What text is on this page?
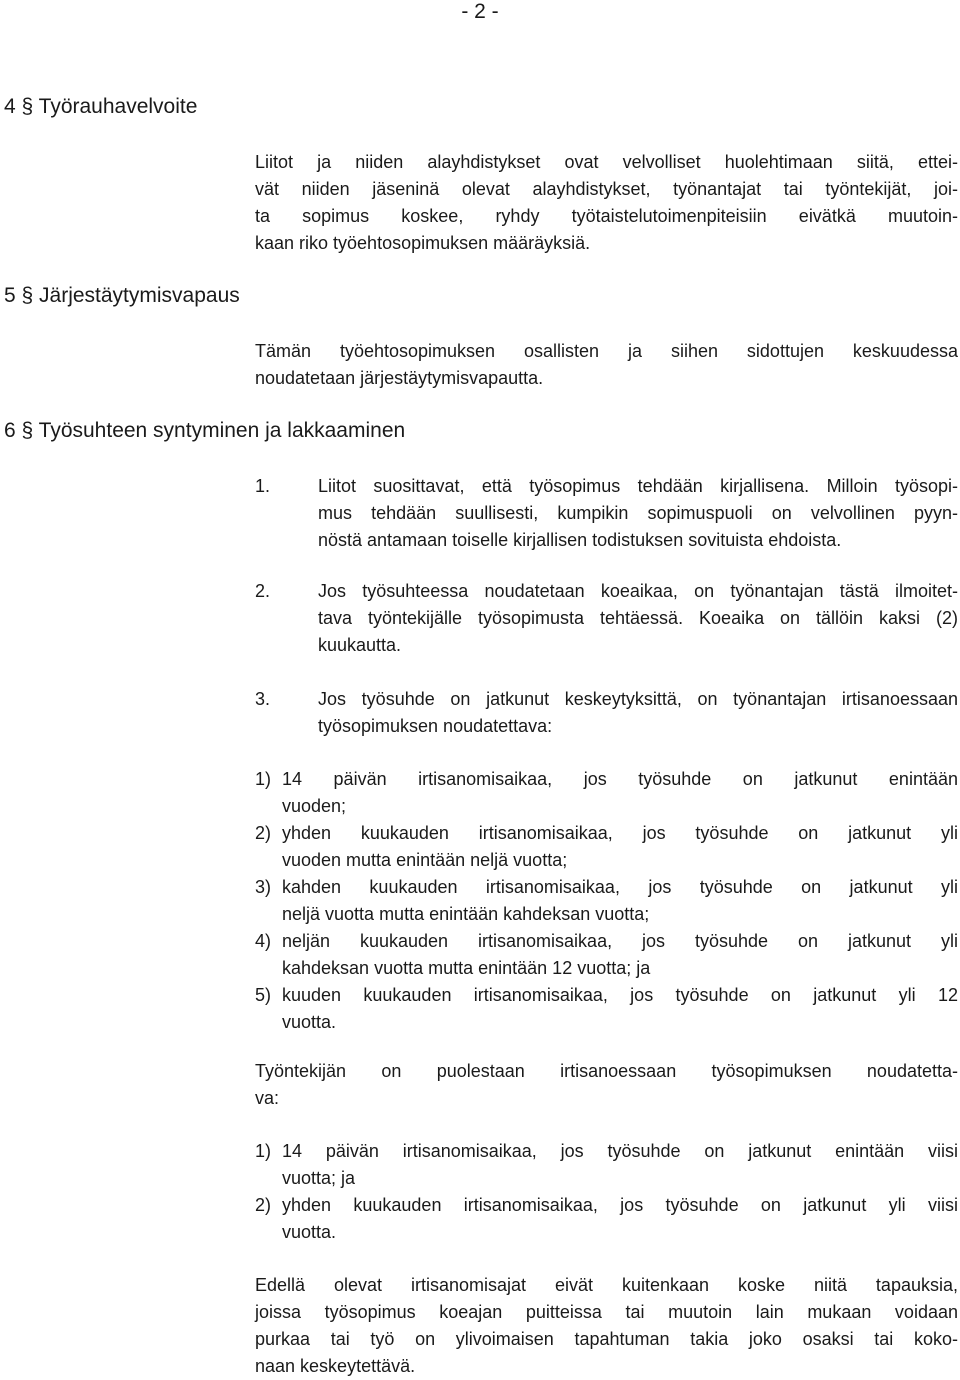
- 2 -
4 § Työrauhavelvoite
Liitot ja niiden alayhdistykset ovat velvolliset huolehtimaan siitä, ettei-
vät niiden jäseninä olevat alayhdistykset, työnantajat tai työntekijät, joi-
ta sopimus koskee, ryhdy työtaistelutoimenpiteisiin eivätkä muutoin-
kaan riko työehtosopimuksen määräyksiä.
5 § Järjestäytymisvapaus
Tämän työehtosopimuksen osallisten ja siihen sidottujen keskuudessa
noudatetaan järjestäytymisvapautta.
6 § Työsuhteen syntyminen ja lakkaaminen
1.	Liitot suosittavat, että työsopimus tehdään kirjallisena. Milloin työsopi-
mus tehdään suullisesti, kumpikin sopimuspuoli on velvollinen pyyn-
nöstä antamaan toiselle kirjallisen todistuksen sovituista ehdoista.
2.	Jos työsuhteessa noudatetaan koeaikaa, on työnantajan tästä ilmoitet-
tava työntekijälle työsopimusta tehtäessä. Koeaika on tällöin kaksi (2)
kuukautta.
3.	Jos työsuhde on jatkunut keskeytyksittä, on työnantajan irtisanoessaan
työsopimuksen noudatettava:
1) 14 päivän irtisanomisaikaa, jos työsuhde on jatkunut enintään
vuoden;
2) yhden kuukauden irtisanomisaikaa, jos työsuhde on jatkunut yli
vuoden mutta enintään neljä vuotta;
3) kahden kuukauden irtisanomisaikaa, jos työsuhde on jatkunut yli
neljä vuotta mutta enintään kahdeksan vuotta;
4) neljän kuukauden irtisanomisaikaa, jos työsuhde on jatkunut yli
kahdeksan vuotta mutta enintään 12 vuotta; ja
5) kuuden kuukauden irtisanomisaikaa, jos työsuhde on jatkunut yli 12
vuotta.
Työntekijän on puolestaan irtisanoessaan työsopimuksen noudatetta-
va:
1) 14 päivän irtisanomisaikaa, jos työsuhde on jatkunut enintään viisi
vuotta; ja
2) yhden kuukauden irtisanomisaikaa, jos työsuhde on jatkunut yli viisi
vuotta.
Edellä olevat irtisanomisajat eivät kuitenkaan koske niitä tapauksia,
joissa työsopimus koeajan puitteissa tai muutoin lain mukaan voidaan
purkaa tai työ on ylivoimaisen tapahtuman takia joko osaksi tai koko-
naan keskeytettävä.
